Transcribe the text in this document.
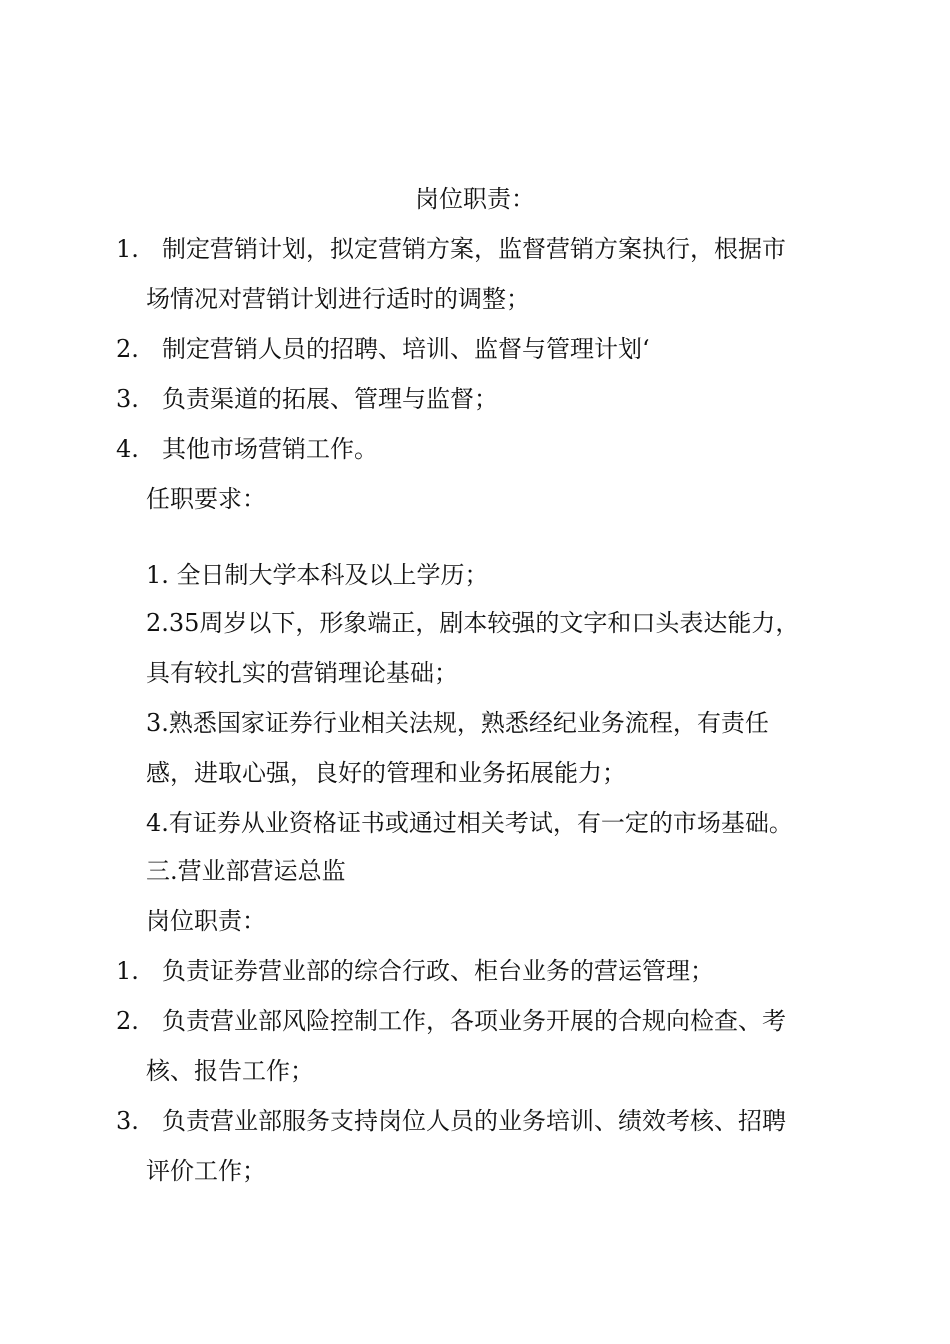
岗位职责：
1. 制定营销计划，拟定营销方案，监督营销方案执行，根据市
场情况对营销计划进行适时的调整；
2. 制定营销人员的招聘、培训、监督与管理计划‘
3. 负责渠道的拓展、管理与监督；
4. 其他市场营销工作。
任职要求：
1. 全日制大学本科及以上学历；
2.35周岁以下，形象端正，剧本较强的文字和口头表达能力，
具有较扎实的营销理论基础；
3.熟悉国家证券行业相关法规，熟悉经纪业务流程，有责任
感，进取心强，良好的管理和业务拓展能力；
4.有证券从业资格证书或通过相关考试，有一定的市场基础。
三.营业部营运总监
岗位职责：
1. 负责证券营业部的综合行政、柜台业务的营运管理；
2. 负责营业部风险控制工作，各项业务开展的合规向检查、考
核、报告工作；
3. 负责营业部服务支持岗位人员的业务培训、绩效考核、招聘
评价工作；
